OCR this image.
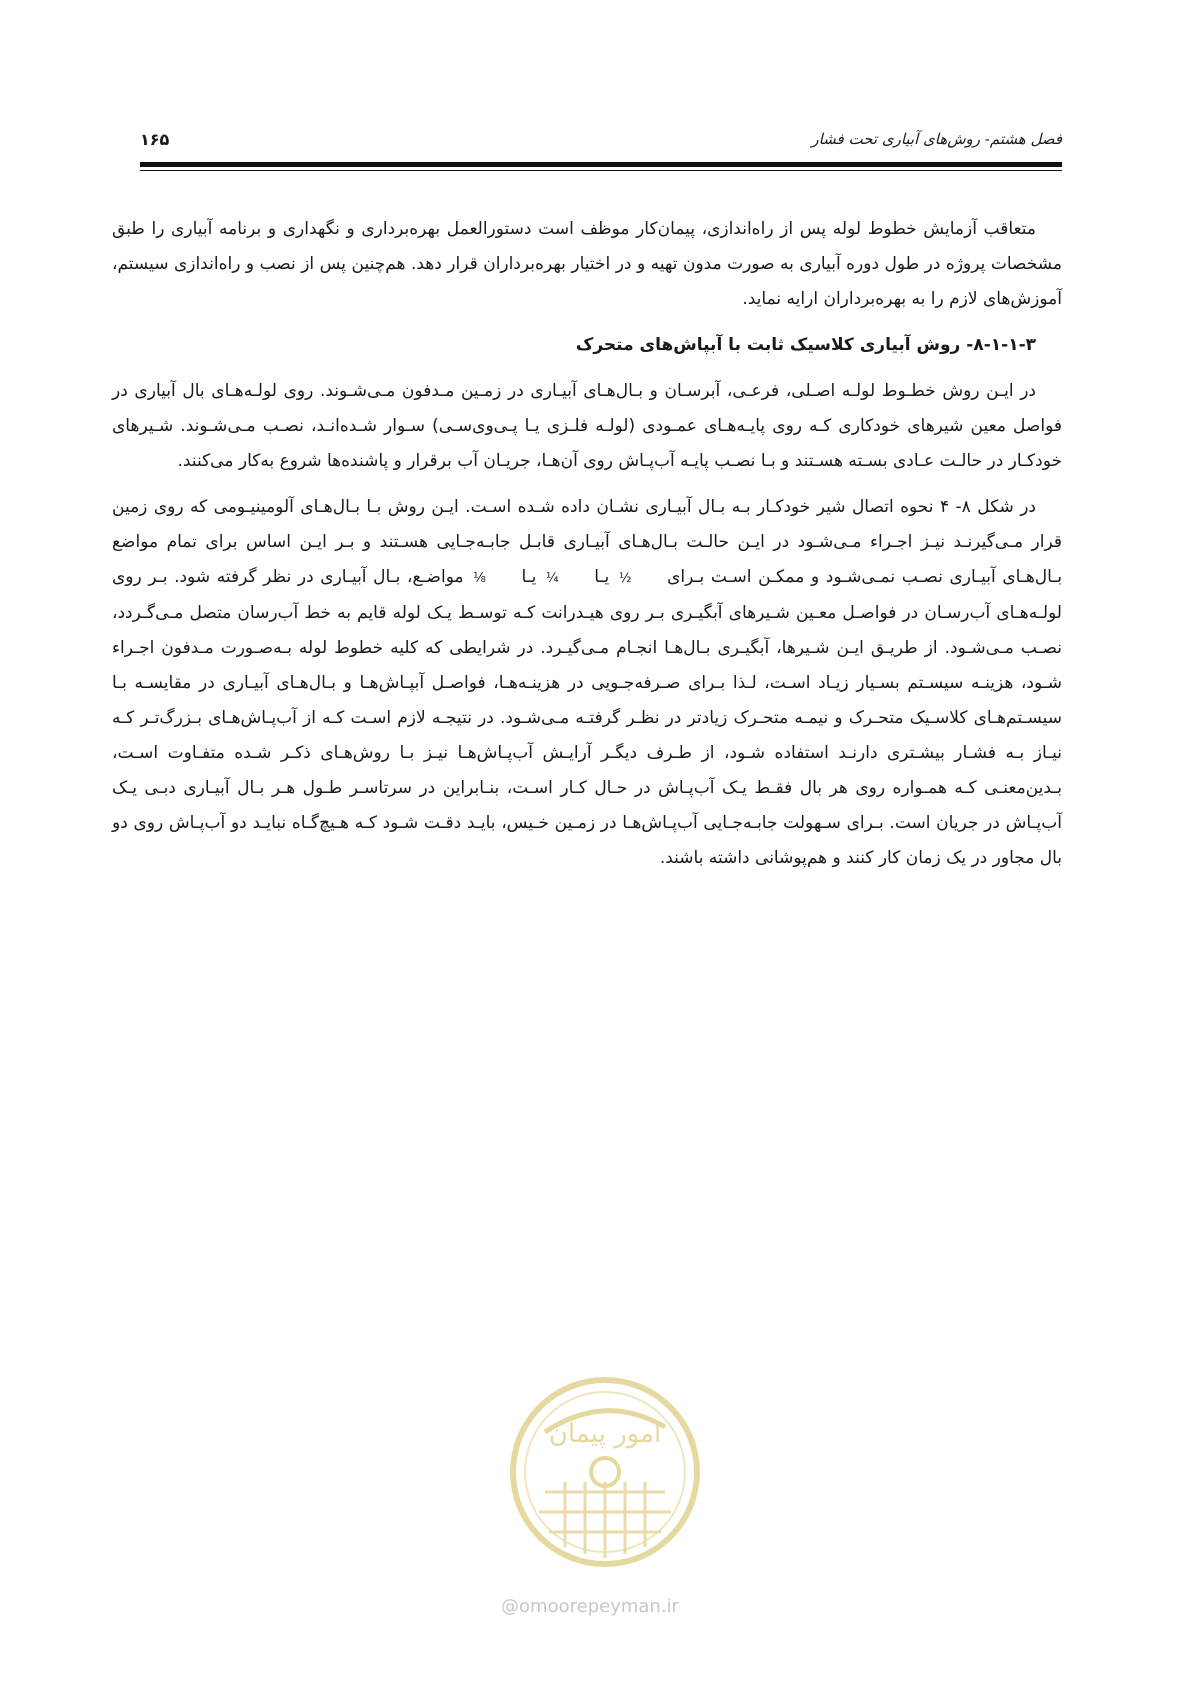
۱۶۵	فصل هشتم- روش‌های آبیاری تحت فشار

متعاقب آزمایش خطوط لوله پس از راه‌اندازی، پیمان‌کار موظف است دستورالعمل بهره‌برداری و نگهداری و برنامه آبیاری را طبق مشخصات پروژه در طول دوره آبیاری به صورت مدون تهیه و در اختیار بهره‌برداران قرار دهد. هم‌چنین پس از نصب و راه‌اندازی سیستم، آموزش‌های لازم را به بهره‌برداران ارایه نماید.

۸-۱-۱-۳- روش آبیاری کلاسیک ثابت با آبپاش‌های متحرک

در ایـن روش خطـوط لولـه اصـلی، فرعـی، آبرسـان و بـال‌هـای آبیـاری در زمـین مـدفون مـی‌شـوند. روی لولـه‌هـای بال آبیاری در فواصل معین شیرهای خودکاری کـه روی پایـه‌هـای عمـودی (لولـه فلـزی یـا پـی‌وی‌سـی) سـوار شـده‌انـد، نصـب مـی‌شـوند. شـیرهای خودکـار در حالـت عـادی بسـته هسـتند و بـا نصـب پایـه آب‌پـاش روی آن‌هـا، جریـان آب برقرار و پاشنده‌ها شروع به‌کار می‌کنند.

در شکل ۸- ۴ نحوه اتصال شیر خودکـار بـه بـال آبیـاری نشـان داده شـده اسـت. ایـن روش بـا بـال‌هـای آلومینیـومی که روی زمین قرار مـی‌گیرنـد نیـز اجـراء مـی‌شـود در ایـن حالـت بـال‌هـای آبیـاری قابـل جابـه‌جـایی هسـتند و بـر ایـن اساس برای تمام مواضع بـال‌هـای آبیـاری نصـب نمـی‌شـود و ممکـن اسـت بـرای ½ یـا ¼ یـا ⅛ مواضـع، بـال آبیـاری در نظر گرفته شود. بـر روی لولـه‌هـای آب‌رسـان در فواصـل معـین شـیرهای آبگیـری بـر روی هیـدرانت کـه توسـط یـک لوله قایم به خط آب‌رسان متصل مـی‌گـردد، نصـب مـی‌شـود. از طریـق ایـن شـیرها، آبگیـری بـال‌هـا انجـام مـی‌گیـرد. در شرایطی که کلیه خطوط لوله بـه‌صـورت مـدفون اجـراء شـود، هزینـه سیسـتم بسـیار زیـاد اسـت، لـذا بـرای صـرفه‌جـویی در هزینـه‌هـا، فواصـل آبپـاش‌هـا و بـال‌هـای آبیـاری در مقایسـه بـا سیسـتم‌هـای کلاسـیک متحـرک و نیمـه متحـرک زیادتر در نظـر گرفتـه مـی‌شـود. در نتیجـه لازم اسـت کـه از آب‌پـاش‌هـای بـزرگ‌تـر کـه نیـاز بـه فشـار بیشـتری دارنـد استفاده شـود، از طـرف دیگـر آرایـش آب‌پـاش‌هـا نیـز بـا روش‌هـای ذکـر شـده متفـاوت اسـت، بـدین‌معنـی کـه همـواره روی هر بال فقـط یـک آب‌پـاش در حـال کـار اسـت، بنـابراین در سرتاسـر طـول هـر بـال آبیـاری دبـی یـک آب‌پـاش در جریان است. بـرای سـهولت جابـه‌جـایی آب‌پـاش‌هـا در زمـین خـیس، بایـد دقـت شـود کـه هـیچ‌گـاه نبایـد دو آب‌پـاش روی دو بال مجاور در یک زمان کار کنند و هم‌پوشانی داشته باشند.

امور پیمان
@omoorepeyman.ir
